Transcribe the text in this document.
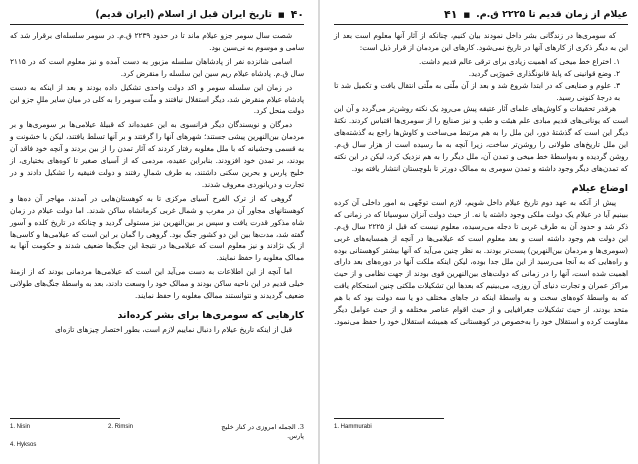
۴۰
■
تاریخ ایران قبل از اسلام (ایران قدیم)

شصت سال سومر جزو عیلام ماند تا در حدود ۲۲۳۹ ق.م. در سومر سلسله‌ای برقرار شد که سامی و موسوم به نی‌سین بود.

اسامی شانزده نفر از پادشاهان سلسله مزبور به دست آمده و نیز معلوم است که در ۲۱۱۵ سال ق.م. پادشاه عیلام ریم سین این سلسله را منقرض کرد.

در زمان این سلسله سومر و اکد دولت واحدی تشکیل داده بودند و بعد از اینکه به دست پادشاه عیلام منقرض شد، دیگر استقلال نیافتند و ملّت سومر را به کلی در میان سایر مللِ جزو این دولت منحل کرد.

دمرگان و نویسندگان دیگر فرانسوی به این عقیده‌اند که قبیلهٔ عیلامی‌ها بر سومری‌ها و بر مردمان بین‌النهرین پیشی جستند؛ شهرهای آنها را گرفتند و بر آنها تسلط یافتند، لیکن با خشونت و به قسمی وحشیانه که با ملل مغلوبه رفتار کردند که آثار تمدن را از بین بردند و آنچه خود فاقد آن بودند، بر تمدن خود افزودند. بنابراین عقیده، مردمی که از آسیای صغیر تا کوه‌های بختیاری، از خلیج پارس و بحرین سکنی داشتند، به طرف شمالِ رفتند و دولت فنیقیه را تشکیل دادند و در تجارت و دریانوردی معروف شدند.

گروهی که از ترک الفرح آسیای مرکزی تا به کوهستان‌هایی در آمدند، مهاجر آن ده‌ها و کوهستانهای مجاور آن در مغرب و شمال غربی کرمانشاه ساکن شدند. اما دولت عیلام در زمان شاه مذکور قدرت یافت و سپس بر بین‌النهرین نیز مستولی گردید و چنانکه در تاریخ کلده و آسور گفته شد، مدت‌ها بین این دو کشور جنگ بود. گروهی را گمان بر این است که عیلامی‌ها و کاسی‌ها از یک نژادند و نیز معلوم است که عیلامی‌ها در نتیجهٔ این جنگ‌ها ضعیف شدند و حکومت آنها به ممالک مغلوبه را حفظ نمایند.

اما آنچه از این اطلاعات به دست می‌آید این است که عیلامی‌ها مردمانی بودند که از ازمنهٔ خیلی قدیم در این ناحیه ساکن بودند و ممالک خود را وسعت دادند، بعد به واسطهٔ جنگ‌های طولانی ضعیف گردیدند و نتوانستند ممالک مغلوبه را حفظ نمایند.

کارهایی که سومری‌ها برای بشر کرده‌اند

قبل از اینکه تاریخ عیلام را دنبال نماییم لازم است، بطور اختصار چیزهای تازه‌ای

1. Nisin	2. Rimsin	3. الجمله امروزی در کنار خلیج پارس.
4. Hyksos
عیلام از زمان قدیم تا ۲۲۲۵ ق.م.
■
۴۱

که سومری‌ها در زندگانی بشر داخل نمودند بیان کنیم، چنانکه از آثار آنها معلوم است بعد از این به دیگر ذکری از کارهای آنها در تاریخ نمی‌شود. کارهای این مردمان از قرار ذیل است:

۱. اختراع خط میخی که اهمیت زیادی برای ترقی عالم قدیم داشت.

۲. وضع قوانینی که پایهٔ قانونگذاری حَمورَبی گردید.

۳. علوم و صنایعی که در ابتدا شروع شد و بعد از آن ملّتی به ملّتی انتقال یافت و تکمیل شد تا به درجهٔ کنونی رسید.

هرقدر تحقیقات و کاوش‌های علمای آثار عتیقه پیش می‌رود یک نکته روشن‌تر می‌گردد و آن این است که یونانی‌های قدیم مبادی علم هیئت و طب و نیز صنایع را از سومری‌ها اقتباس کردند. نکتهٔ دیگر این است که گذشتهٔ دور، این ملل را به هم مرتبط می‌ساخت و کاوش‌ها راجع به گذشته‌های این ملل تاریخ‌های طولانی را روشن‌تر ساخت، زیرا آنچه به ما رسیده است از هزار سال ق.م. روشن گردیده و به‌واسطهٔ خط میخی و تمدن آن، ملل دیگر را به هم نزدیک کرد، لیکن در این نکته که تمدن‌های دیگر وجود داشته و تمدن سومری به ممالک دورتر تا بلوچستان انتشار یافته بود.

اوضاع عیلام

پیش از آنکه به عهد دوم تاریخ عیلام داخل شویم، لازم است توجّهی به امور داخلی آن کرده ببینیم آیا در عیلام یک دولت ملکی وجود داشته یا نه. از حیث دولت آنزان سوسیانا که در زمانی که ذکر شد و حدود آن به طرف غربی تا دجله می‌رسیده، معلوم نیست که قبل از ۲۲۲۵ سال ق.م. این دولت هم وجود داشته است و بعد معلوم است که عیلامی‌ها در آنچه از همسایه‌های غربی (سومری‌ها و مردمان بین‌النهرین) پست‌تر بودند. به نظر چنین می‌آید که آنها بیشتر کوهستانی بوده و راه‌هایی که به آنجا می‌رسید از این ملل جدا بوده، لیکن اینکه ملکت آنها در دوره‌های بعد دارای اهمیت شده است، آنها را در زمانی که دولت‌های بین‌النهرین قوی بودند از جهت نظامی و از حیث مراکز عمران و تجارت دنیای آن روزی، می‌بینیم که بعدها این تشکیلات ملکتی چنین استحکام یافت که به واسطهٔ کوه‌های سخت و به واسطهٔ اینکه در جاهای مختلف دو یا سه دولت بود که با هم متحد بودند، از حیث تشکیلات جغرافیایی و از حیث اقوام عناصر مختلفه و از حیث عوامل دیگر مقاومت کرده و استقلال خود را به‌خصوص در کوهستانی که همیشه استقلال خود را حفظ می‌نمود.

1. Hammurabi
